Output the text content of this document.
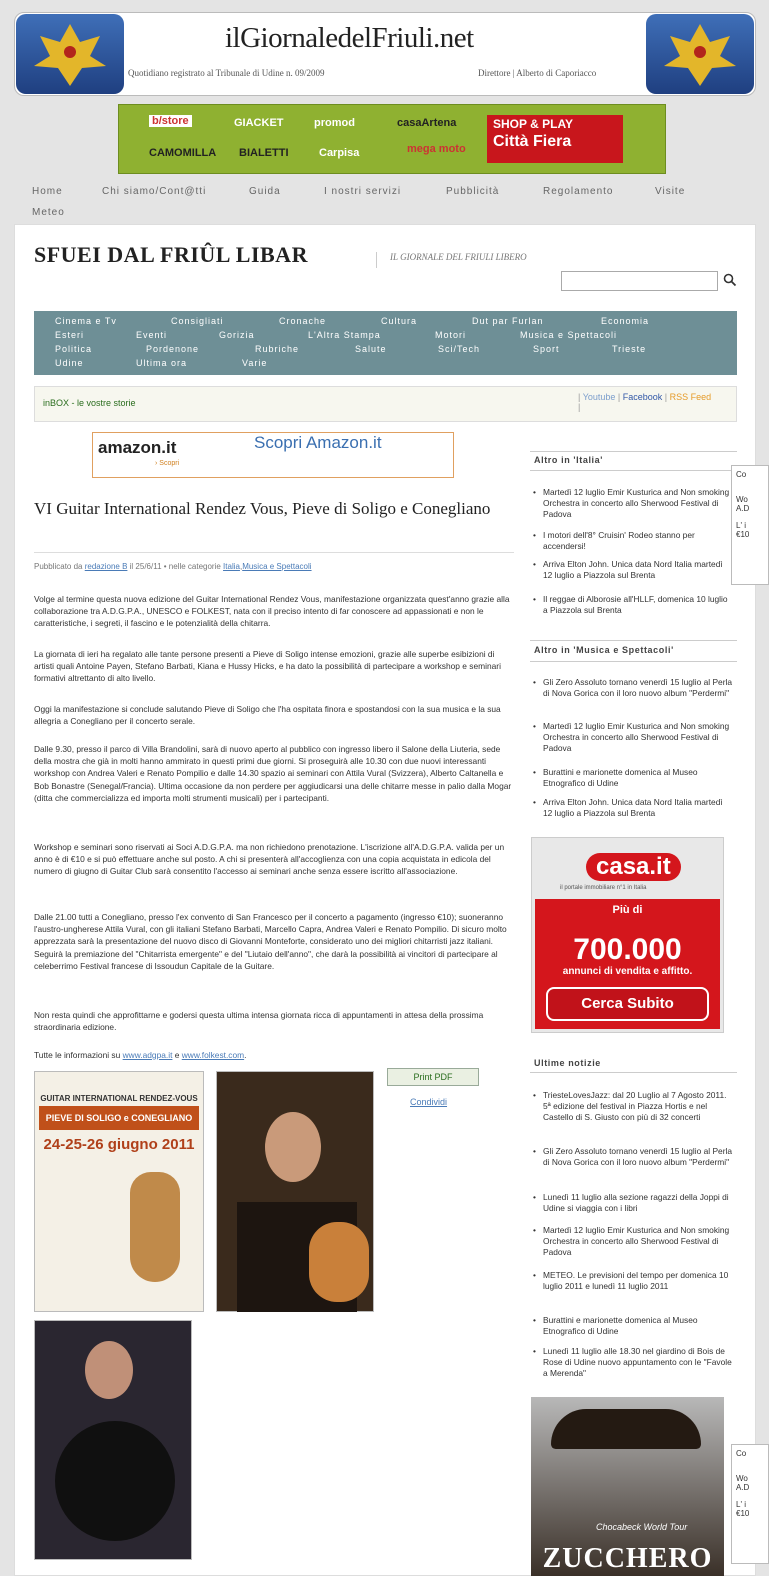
ilGiornaledelFriuli.net
Quotidiano registrato al Tribunale di Udine n. 09/2009	Direttore | Alberto di Caporiacco
b/store	GIACKET	promod	casaArtena
CAMOMILLA BIALETTI	Carpisa	mega moto
SHOP & PLAY
Città Fiera
Home	Chi siamo/Cont@tti	Guida	I nostri servizi	Pubblicità	Regolamento	Visite
Meteo
SFUEI DAL FRIÛL LIBAR	IL GIORNALE DEL FRIULI LIBERO
Cinema e Tv	Consigliati	Cronache	Cultura	Dut par Furlan	Economia
Esteri	Eventi	Gorizia	L'Altra Stampa	Motori	Musica e Spettacoli
Politica	Pordenone	Rubriche	Salute	Sci/Tech	Sport	Trieste
Udine	Ultima ora	Varie
inBOX - le vostre storie
| Youtube | Facebook | RSS Feed
|
amazon.it
› Scopri
Scopri Amazon.it
VI Guitar International Rendez Vous, Pieve di Soligo e Conegliano
Pubblicato da redazione B il 25/6/11 • nelle categorie Italia,Musica e Spettacoli
Volge al termine questa nuova edizione del Guitar International Rendez Vous, manifestazione organizzata quest'anno grazie alla collaborazione tra A.D.G.P.A., UNESCO e FOLKEST, nata con il preciso intento di far conoscere ad appassionati e non le caratteristiche, i segreti, il fascino e le potenzialità della chitarra.
La giornata di ieri ha regalato alle tante persone presenti a Pieve di Soligo intense emozioni, grazie alle superbe esibizioni di artisti quali Antoine Payen, Stefano Barbati, Kiana e Hussy Hicks, e ha dato la possibilità di partecipare a workshop e seminari formativi altrettanto di alto livello.
Oggi la manifestazione si conclude salutando Pieve di Soligo che l'ha ospitata finora e spostandosi con la sua musica e la sua allegria a Conegliano per il concerto serale.
Dalle 9.30, presso il parco di Villa Brandolini, sarà di nuovo aperto al pubblico con ingresso libero il Salone della Liuteria, sede della mostra che già in molti hanno ammirato in questi primi due giorni. Si proseguirà alle 10.30 con due nuovi interessanti workshop con Andrea Valeri e Renato Pompilio e dalle 14.30 spazio ai seminari con Attila Vural (Svizzera), Alberto Caltanella e Bob Bonastre (Senegal/Francia). Ultima occasione da non perdere per aggiudicarsi una delle chitarre messe in palio dalla Mogar (ditta che commercializza ed importa molti strumenti musicali) per i partecipanti.
Workshop e seminari sono riservati ai Soci A.D.G.P.A. ma non richiedono prenotazione. L'iscrizione all'A.D.G.P.A. valida per un anno è di €10 e si può effettuare anche sul posto. A chi si presenterà all'accoglienza con una copia acquistata in edicola del numero di giugno di Guitar Club sarà consentito l'accesso ai seminari anche senza essere iscritto all'associazione.
Dalle 21.00 tutti a Conegliano, presso l'ex convento di San Francesco per il concerto a pagamento (ingresso €10); suoneranno l'austro-ungherese Attila Vural, con gli italiani Stefano Barbati, Marcello Capra, Andrea Valeri e Renato Pompilio. Di sicuro molto apprezzata sarà la presentazione del nuovo disco di Giovanni Monteforte, considerato uno dei migliori chitarristi jazz italiani. Seguirà la premiazione del "Chitarrista emergente" e del "Liutaio dell'anno", che darà la possibilità ai vincitori di partecipare al celeberrimo Festival francese di Issoudun Capitale de la Guitare.
Non resta quindi che approfittarne e godersi questa ultima intensa giornata ricca di appuntamenti in attesa della prossima straordinaria edizione.
Tutte le informazioni su www.adgpa.it e www.folkest.com.
GUITAR INTERNATIONAL RENDEZ-VOUS
PIEVE DI SOLIGO e CONEGLIANO
24-25-26 giugno 2011
Print PDF
Condividi
Altro in 'Italia'
• Martedì 12 luglio Emir Kusturica and Non smoking Orchestra in concerto allo Sherwood Festival di Padova
• I motori dell'8° Cruisin' Rodeo stanno per accendersi!
• Arriva Elton John. Unica data Nord Italia martedì 12 luglio a Piazzola sul Brenta
• Il reggae di Alborosie all'HLLF, domenica 10 luglio a Piazzola sul Brenta
Altro in 'Musica e Spettacoli'
• Gli Zero Assoluto tornano venerdì 15 luglio al Perla di Nova Gorica con il loro nuovo album "Perdermi"
• Martedì 12 luglio Emir Kusturica and Non smoking Orchestra in concerto allo Sherwood Festival di Padova
• Burattini e marionette domenica al Museo Etnografico di Udine
• Arriva Elton John. Unica data Nord Italia martedì 12 luglio a Piazzola sul Brenta
casa.it
il portale immobiliare n°1 in Italia
Più di
700.000
annunci di vendita e affitto.
Cerca Subito
Ultime notizie
• TriesteLovesJazz: dal 20 Luglio al 7 Agosto 2011. 5ª edizione del festival in Piazza Hortis e nel Castello di S. Giusto con più di 32 concerti
• Gli Zero Assoluto tornano venerdì 15 luglio al Perla di Nova Gorica con il loro nuovo album "Perdermi"
• Lunedì 11 luglio alla sezione ragazzi della Joppi di Udine si viaggia con i libri
• Martedì 12 luglio Emir Kusturica and Non smoking Orchestra in concerto allo Sherwood Festival di Padova
• METEO. Le previsioni del tempo per domenica 10 luglio 2011 e lunedì 11 luglio 2011
• Burattini e marionette domenica al Museo Etnografico di Udine
• Lunedì 11 luglio alle 18.30 nel giardino di Bois de Rose di Udine nuovo appuntamento con le "Favole a Merenda"
Chocabeck World Tour
ZUCCHERO
Co
Wo
A.D
L' i
€10
Co
Wo
A.D
L' i
€10
